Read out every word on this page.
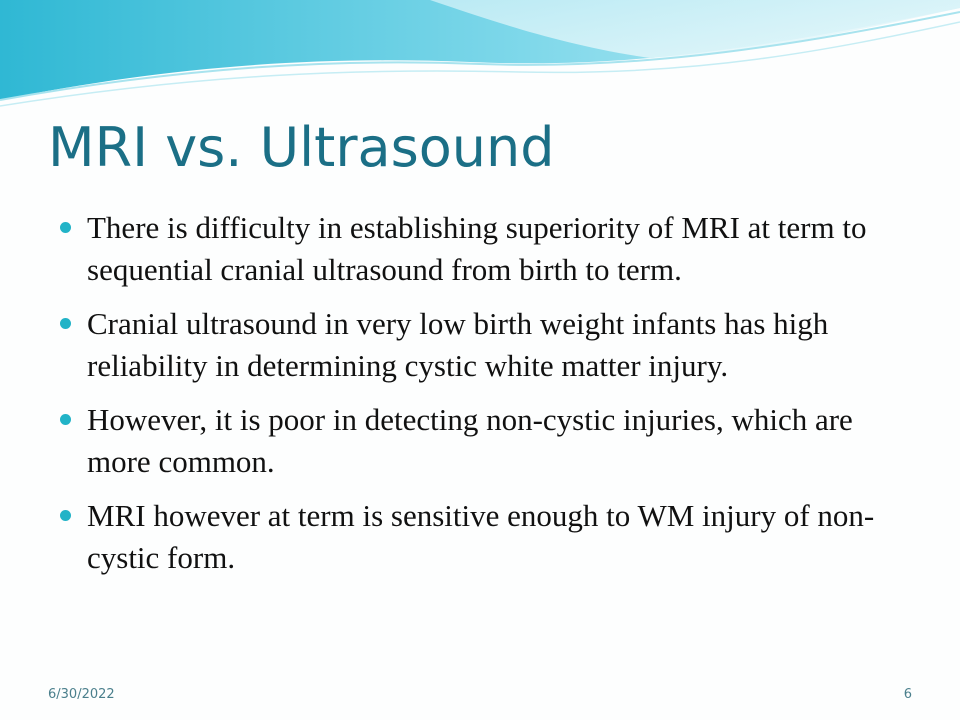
MRI vs. Ultrasound
There is difficulty in establishing superiority of MRI at term to sequential cranial ultrasound from birth to term.
Cranial ultrasound in very low birth weight infants has high reliability in determining cystic white matter injury.
However, it is poor in detecting non-cystic injuries, which are more common.
MRI however at term is sensitive enough to WM injury of non-cystic form.
6/30/2022	6
